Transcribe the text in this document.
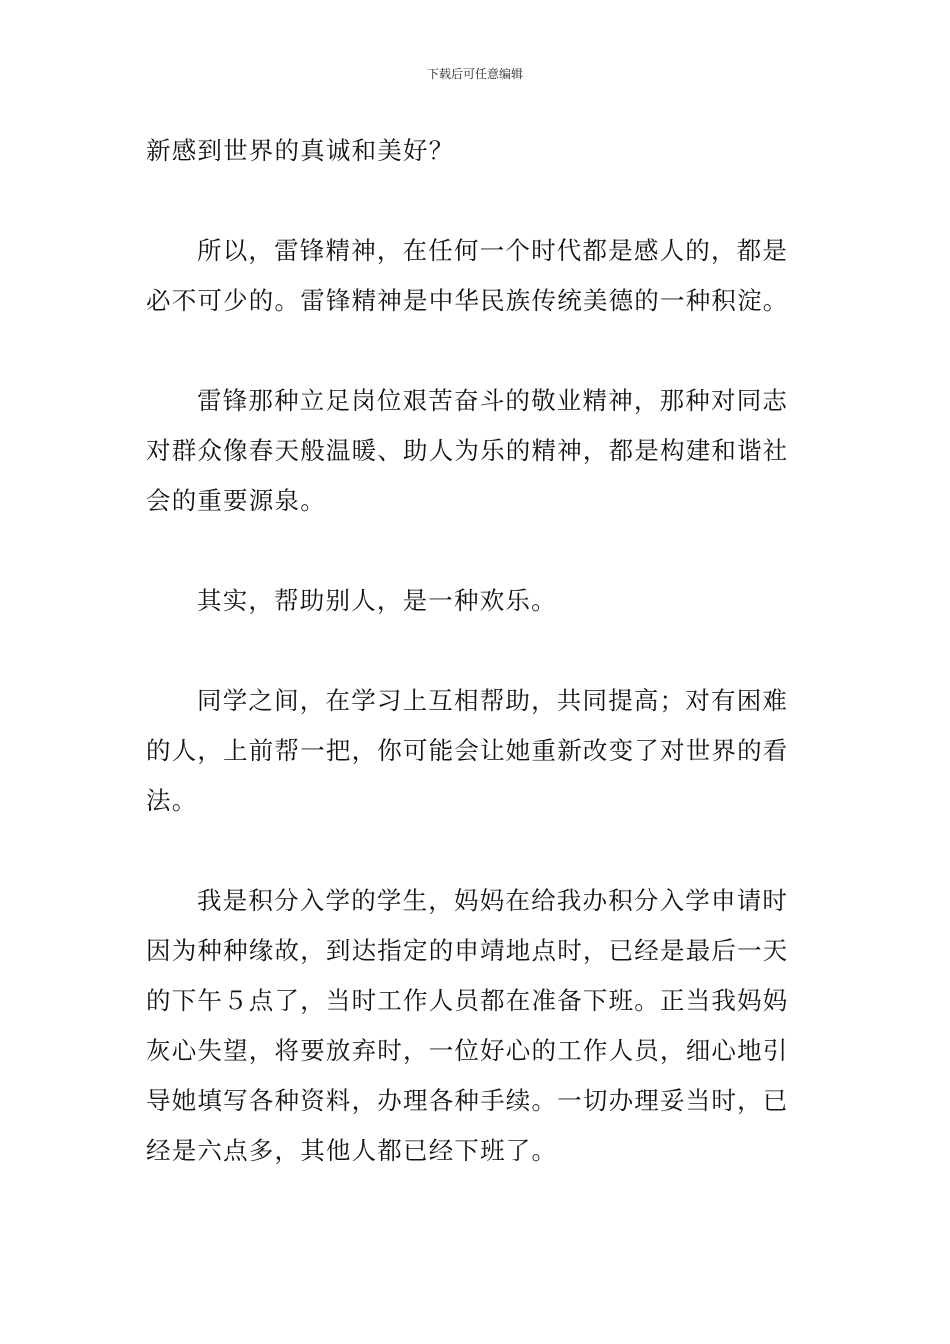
下载后可任意编辑

新感到世界的真诚和美好？

所以，雷锋精神，在任何一个时代都是感人的，都是必不可少的。雷锋精神是中华民族传统美德的一种积淀。

雷锋那种立足岗位艰苦奋斗的敬业精神，那种对同志对群众像春天般温暖、助人为乐的精神，都是构建和谐社会的重要源泉。

其实，帮助别人，是一种欢乐。

同学之间，在学习上互相帮助，共同提高；对有困难的人，上前帮一把，你可能会让她重新改变了对世界的看法。

我是积分入学的学生，妈妈在给我办积分入学申请时因为种种缘故，到达指定的申靖地点时，已经是最后一天的下午５点了，当时工作人员都在准备下班。正当我妈妈灰心失望，将要放弃时，一位好心的工作人员，细心地引导她填写各种资料，办理各种手续。一切办理妥当时，已经是六点多，其他人都已经下班了。
